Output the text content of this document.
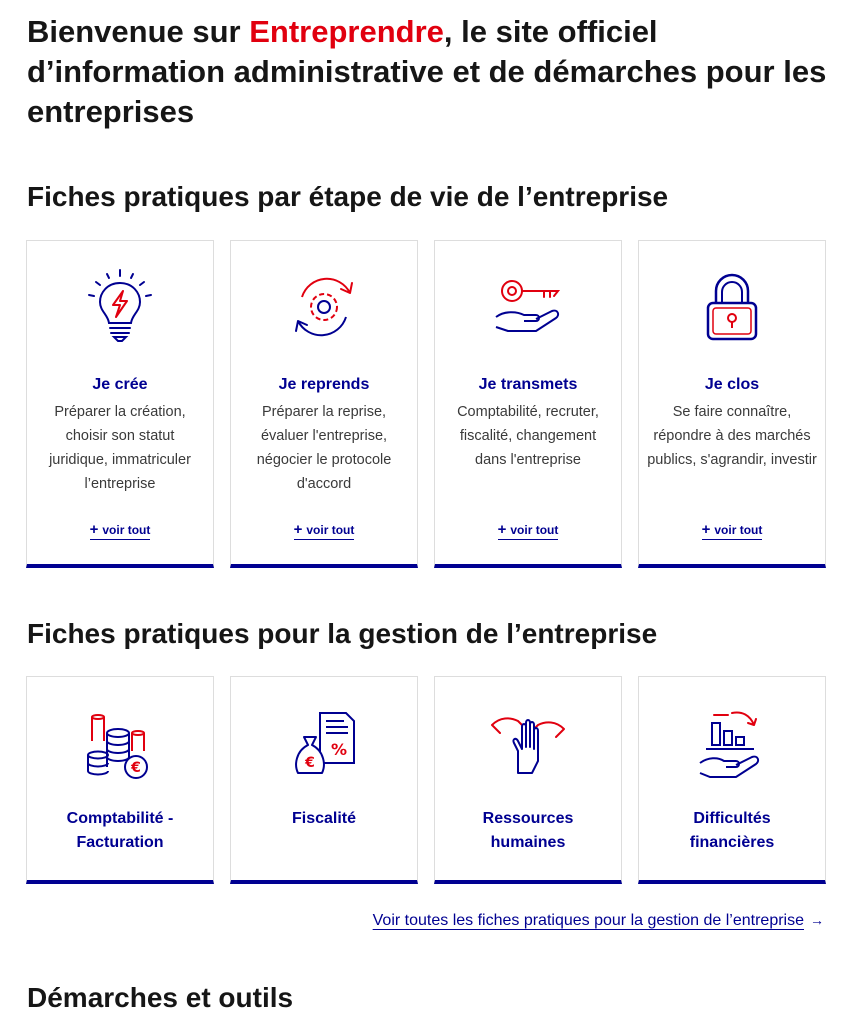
Bienvenue sur Entreprendre, le site officiel d’information administrative et de démarches pour les entreprises
Fiches pratiques par étape de vie de l’entreprise
Je crée
Préparer la création, choisir son statut juridique, immatriculer l’entreprise
+ voir tout
Je reprends
Préparer la reprise, évaluer l'entreprise, négocier le protocole d'accord
+ voir tout
Je transmets
Comptabilité, recruter, fiscalité, changement dans l'entreprise
+ voir tout
Je clos
Se faire connaître, répondre à des marchés publics, s'agrandir, investir
+ voir tout
Fiches pratiques pour la gestion de l’entreprise
€
Comptabilité - Facturation
%
€
Fiscalité	Ressources humaines
Difficultés financières
Voir toutes les fiches pratiques pour la gestion de l’entreprise →
Démarches et outils
